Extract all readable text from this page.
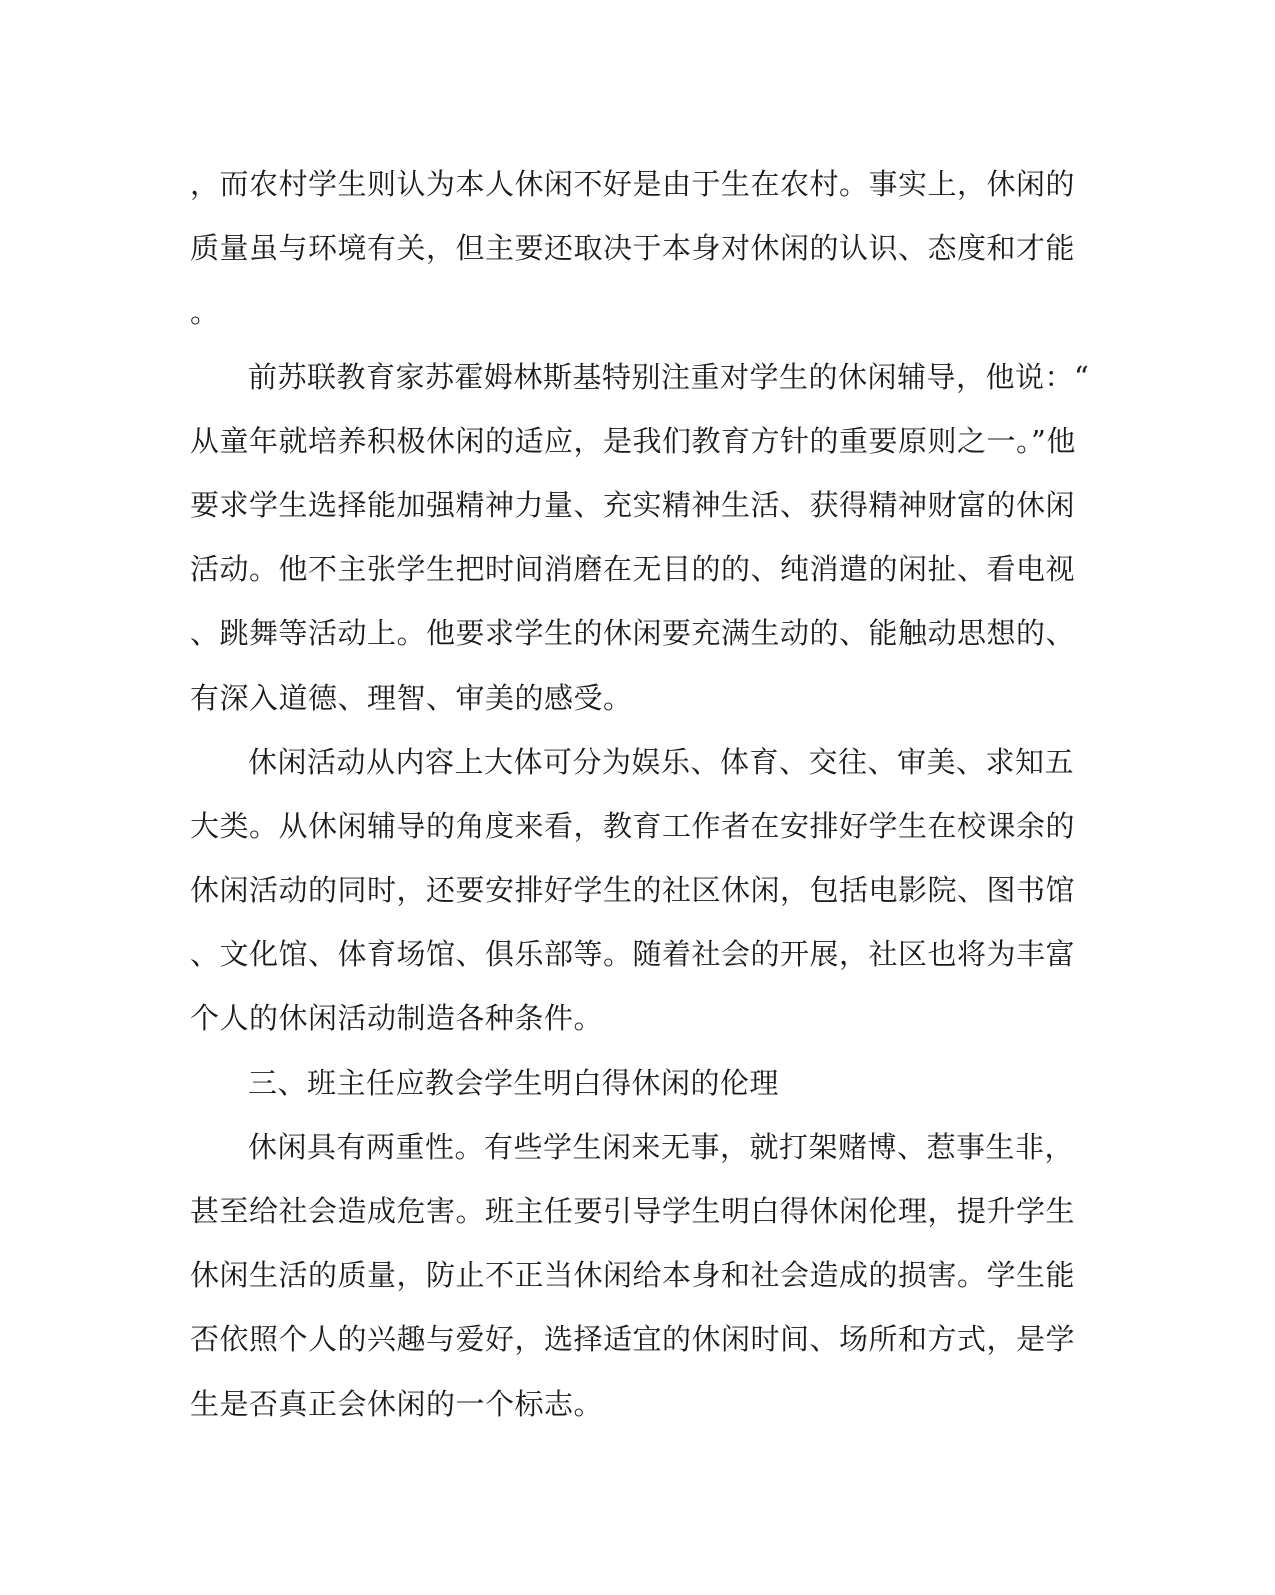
，而农村学生则认为本人休闲不好是由于生在农村。事实上，休闲的
质量虽与环境有关，但主要还取决于本身对休闲的认识、态度和才能
。
前苏联教育家苏霍姆林斯基特别注重对学生的休闲辅导，他说：“
从童年就培养积极休闲的适应，是我们教育方针的重要原则之一。”他
要求学生选择能加强精神力量、充实精神生活、获得精神财富的休闲
活动。他不主张学生把时间消磨在无目的的、纯消遣的闲扯、看电视
、跳舞等活动上。他要求学生的休闲要充满生动的、能触动思想的、
有深入道德、理智、审美的感受。
休闲活动从内容上大体可分为娱乐、体育、交往、审美、求知五
大类。从休闲辅导的角度来看，教育工作者在安排好学生在校课余的
休闲活动的同时，还要安排好学生的社区休闲，包括电影院、图书馆
、文化馆、体育场馆、俱乐部等。随着社会的开展，社区也将为丰富
个人的休闲活动制造各种条件。
三、班主任应教会学生明白得休闲的伦理
休闲具有两重性。有些学生闲来无事，就打架赌博、惹事生非，
甚至给社会造成危害。班主任要引导学生明白得休闲伦理，提升学生
休闲生活的质量，防止不正当休闲给本身和社会造成的损害。学生能
否依照个人的兴趣与爱好，选择适宜的休闲时间、场所和方式，是学
生是否真正会休闲的一个标志。
